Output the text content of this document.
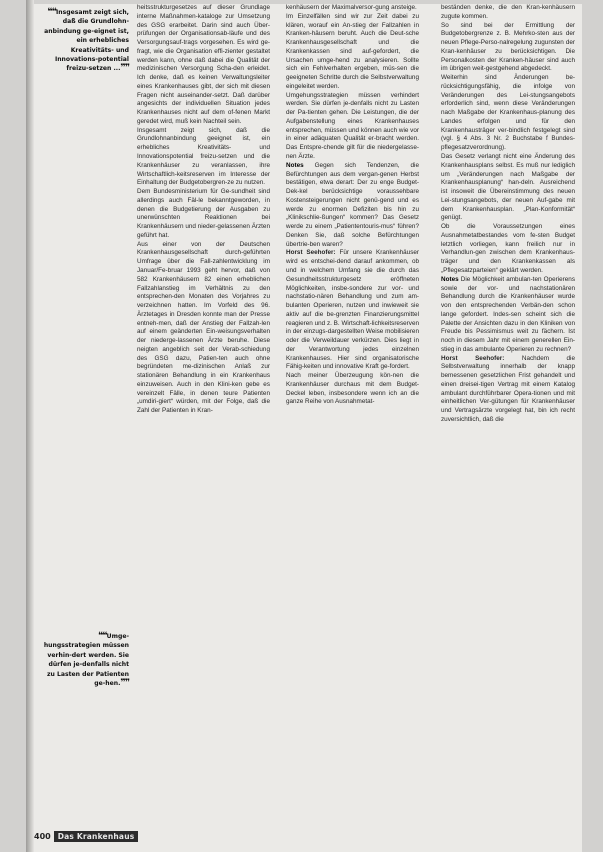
❝❝Insgesamt zeigt sich, daß die Grundlohn-anbindung ge-eignet ist, ein erhebliches Kreativitäts- und Innovations-potential freizu-setzen ...❞❞
❝❝Umge-hungsstrategien müssen verhin-dert werden. Sie dürfen je-denfalls nicht zu Lasten der Patienten ge-hen.❞❞

heitsstrukturgesetzes auf dieser Grundlage interne Maßnahmen-kataloge zur Umsetzung des GSG erarbeitet. Darin sind auch Über-prüfungen der Organisationsab-läufe und des Versorgungsauf-trags vorgesehen. Es wird ge-fragt, wie die Organisation effi-zienter gestaltet werden kann, ohne daß dabei die Qualität der medizinischen Versorgung Scha-den erleidet. Ich denke, daß es keinen Verwaltungsleiter eines Krankenhauses gibt, der sich mit diesen Fragen nicht auseinander-setzt. Daß darüber angesichts der individuellen Situation jedes Krankenhauses nicht auf dem of-fenen Markt geredet wird, muß kein Nachteil sein.

Insgesamt zeigt sich, daß die Grundlohnanbindung geeignet ist, ein erhebliches Kreativitäts- und Innovationspotential freizu-setzen und die Krankenhäuser zu veranlassen, ihre Wirtschaftlich-keitsreserven im Interesse der Einhaltung der Budgetobergren-ze zu nutzen.

Dem Bundesministerium für Ge-sundheit sind allerdings auch Fäl-le bekanntgeworden, in denen die Budgetierung der Ausgaben zu unerwünschten Reaktionen bei Krankenhäusern und nieder-gelassenen Ärzten geführt hat.

Aus einer von der Deutschen Krankenhausgesellschaft durch-geführten Umfrage über die Fall-zahlentwicklung im Januar/Fe-bruar 1993 geht hervor, daß von 582 Krankenhäusern 82 einen erheblichen Fallzahlanstieg im Verhältnis zu den entsprechen-den Monaten des Vorjahres zu verzeichnen hatten. Im Vorfeld des 96. Ärztetages in Dresden konnte man der Presse entneh-men, daß der Anstieg der Fallzah-len auf einem geänderten Ein-weisungsverhalten der niederge-lassenen Ärzte beruhe. Diese neigten angeblich seit der Verab-schiedung des GSG dazu, Patien-ten auch ohne begründeten me-dizinischen Anlaß zur stationären Behandlung in ein Krankenhaus einzuweisen. Auch in den Klini-ken gebe es vereinzelt Fälle, in denen teure Patienten „umdiri-giert“ würden, mit der Folge, daß die Zahl der Patienten in Kran-

kenhäusern der Maximalversor-gung ansteige.

Im Einzelfällen sind wir zur Zeit dabei zu klären, worauf ein An-stieg der Fallzahlen in Kranken-häusern beruht. Auch die Deut-sche Krankenhausgesellschaft und die Krankenkassen sind auf-gefordert, die Ursachen umge-hend zu analysieren. Sollte sich ein Fehlverhalten ergeben, müs-sen die geeigneten Schritte durch die Selbstverwaltung eingeleitet werden.

Umgehungsstrategien müssen verhindert werden. Sie dürfen je-denfalls nicht zu Lasten der Pa-tienten gehen. Die Leistungen, die der Aufgabenstellung eines Krankenhauses entsprechen, müssen und können auch wie vor in einer adäquaten Qualität er-bracht werden. Das Entspre-chende gilt für die niedergelasse-nen Ärzte.

Notes Gegen sich Tendenzen, die Befürchtungen aus dem vergan-genen Herbst bestätigen, etwa derart: Der zu enge Budget-Dek-kel berücksichtige voraussehbare Kostensteigerungen nicht genü-gend und es werde zu enormen Defiziten bis hin zu „Klinikschlie-ßungen“ kommen? Das Gesetz werde zu einem „Patiententouris-mus“ führen? Denken Sie, daß solche Befürchtungen übertrie-ben waren?

Horst Seehofer: Für unsere Krankenhäuser wird es entschei-dend darauf ankommen, ob und in welchem Umfang sie die durch das Gesundheitsstrukturgesetz eröffneten Möglichkeiten, insbe-sondere zur vor- und nachstatio-nären Behandlung und zum am-bulanten Operieren, nutzen und inwieweit sie aktiv auf die be-grenzten Finanzierungsmittel reagieren und z. B. Wirtschaft-lichkeitsreserven in der einzugs-dargestellten Weise mobilisieren oder die Verweildauer verkürzen. Dies liegt in der Verantwortung jedes einzelnen Krankenhauses. Hier sind organisatorische Fähig-keiten und innovative Kraft ge-fordert.

Nach meiner Überzeugung kön-nen die Krankenhäuser durchaus mit dem Budget-Deckel leben, insbesondere wenn ich an die ganze Reihe von Ausnahmetat-

beständen denke, die den Kran-kenhäusern zugute kommen.

So sind bei der Ermittlung der Budgetobergrenze z. B. Mehrko-sten aus der neuen Pflege-Perso-nalregelung zugunsten der Kran-kenhäuser zu berücksichtigen. Die Personalkosten der Kranken-häuser sind auch im übrigen weit-gestgehend abgedeckt.

Weiterhin sind Änderungen be-rücksichtigungsfähig, die infolge von Veränderungen des Lei-stungsangebots erforderlich sind, wenn diese Veränderungen nach Maßgabe der Krankenhaus-planung des Landes erfolgen und für den Krankenhausträger ver-bindlich festgelegt sind (vgl. § 4 Abs. 3 Nr. 2 Buchstabe f Bundes-pflegesatzverordnung).

Das Gesetz verlangt nicht eine Änderung des Krankenhausplans selbst. Es muß nur lediglich um „Veränderungen nach Maßgabe der Krankenhausplanung“ han-deln. Ausreichend ist insoweit die Übereinstimmung des neuen Lei-stungsangebots, der neuen Auf-gabe mit dem Krankenhausplan. „Plan-Konformität“ genügt.

Ob die Voraussetzungen eines Ausnahmetatbestandes vom fe-sten Budget letztlich vorliegen, kann freilich nur in Verhandlun-gen zwischen dem Krankenhaus-träger und den Krankenkassen als „Pflegesatzparteien“ geklärt werden.

Notes Die Möglichkeit ambulan-ten Operierens sowie der vor- und nachstationären Behandlung durch die Krankenhäuser wurde von den entsprechenden Verbän-den schon lange gefordert. Indes-sen scheint sich die Palette der Ansichten dazu in den Kliniken von Freude bis Pessimismus weit zu fächern. Ist noch in diesem Jahr mit einem generellen Ein-stieg in das ambulante Operieren zu rechnen?

Horst Seehofer:	Nachdem die Selbstverwaltung innerhalb der knapp bemessenen gesetzlichen Frist gehandelt und einen dreisei-tigen Vertrag mit einem Katalog ambulant durchführbarer Opera-tionen und mit einheitlichen Ver-gütungen für Krankenhäuser und Vertragsärzte vorgelegt hat, bin ich recht zuversichtlich, daß die

400 Das Krankenhaus
